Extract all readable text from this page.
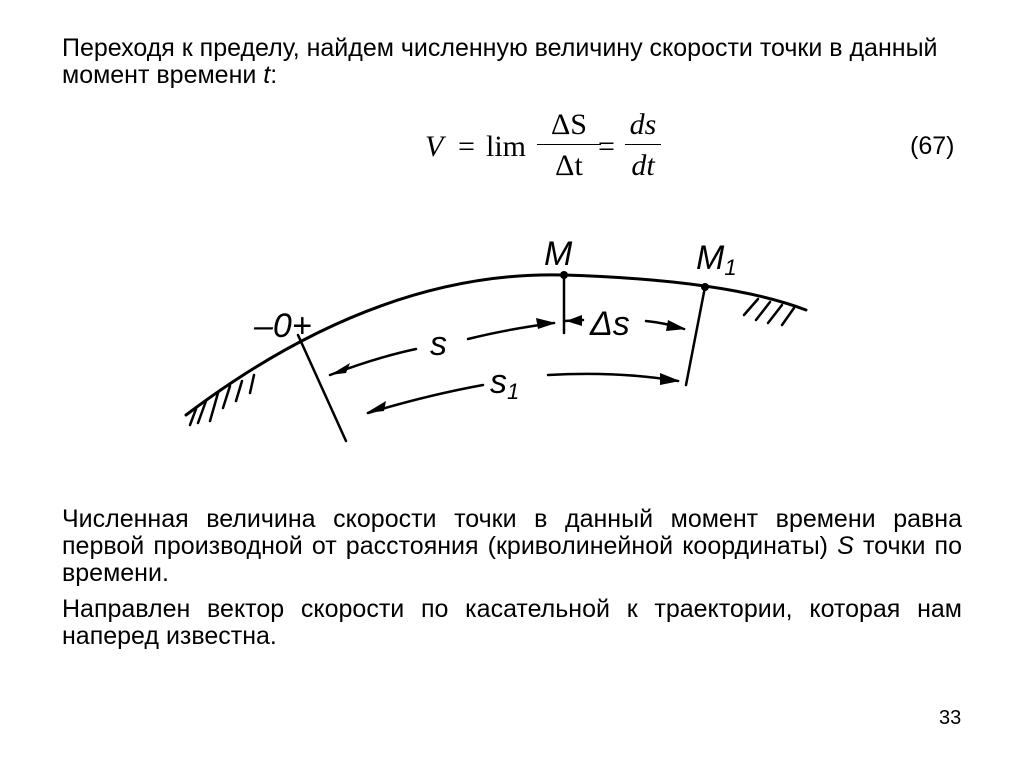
Переходя к пределу, найдем численную величину скорости точки в данный момент времени t:
V = lim
ΔS
Δt
=
ds
dt
(67)
–0+
M	M1
s
Δs
s1
Численная величина скорости точки в данный момент времени равна первой производной от расстояния (криволинейной координаты) S точки по времени.
Направлен вектор скорости по касательной к траектории, которая нам наперед известна.
33
